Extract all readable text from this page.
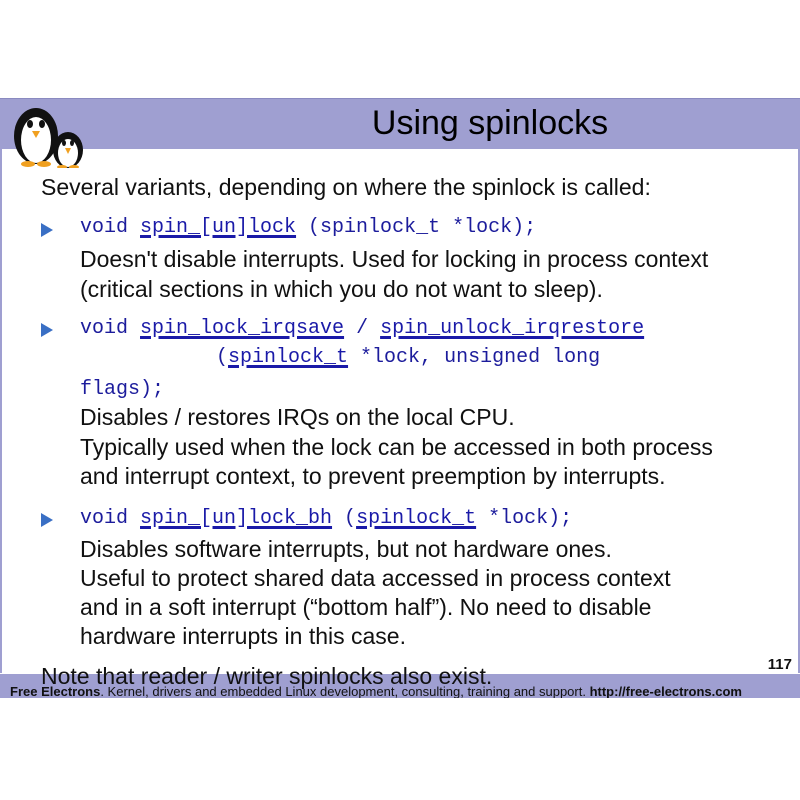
Using spinlocks
Several variants, depending on where the spinlock is called:
void spin_[un]lock (spinlock_t *lock);
Doesn't disable interrupts. Used for locking in process context
(critical sections in which you do not want to sleep).
void spin_lock_irqsave / spin_unlock_irqrestore
(spinlock_t *lock, unsigned long
flags);
Disables / restores IRQs on the local CPU.
Typically used when the lock can be accessed in both process
and interrupt context, to prevent preemption by interrupts.
void spin_[un]lock_bh (spinlock_t *lock);
Disables software interrupts, but not hardware ones.
Useful to protect shared data accessed in process context
and in a soft interrupt (“bottom half”). No need to disable
hardware interrupts in this case.
117
Note that reader / writer spinlocks also exist.
Free Electrons. Kernel, drivers and embedded Linux development, consulting, training and support. http://free-electrons.com
